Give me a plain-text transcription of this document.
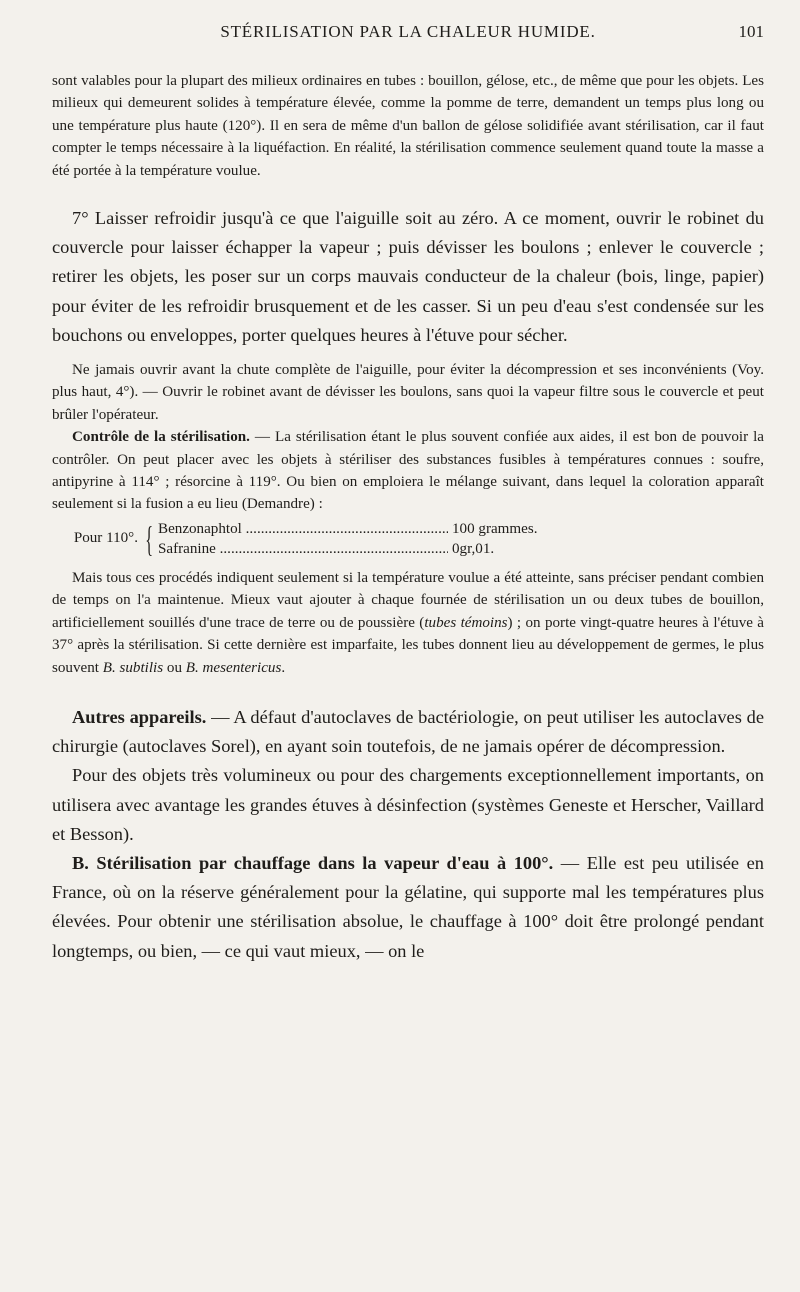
STÉRILISATION PAR LA CHALEUR HUMIDE.	101

sont valables pour la plupart des milieux ordinaires en tubes : bouillon, gélose, etc., de même que pour les objets. Les milieux qui demeurent solides à température élevée, comme la pomme de terre, demandent un temps plus long ou une température plus haute (120°). Il en sera de même d'un ballon de gélose solidifiée avant stérilisation, car il faut compter le temps nécessaire à la liquéfaction. En réalité, la stérilisation commence seulement quand toute la masse a été portée à la température voulue.

7° Laisser refroidir jusqu'à ce que l'aiguille soit au zéro. A ce moment, ouvrir le robinet du couvercle pour laisser échapper la vapeur ; puis dévisser les boulons ; enlever le couvercle ; retirer les objets, les poser sur un corps mauvais conducteur de la chaleur (bois, linge, papier) pour éviter de les refroidir brusquement et de les casser. Si un peu d'eau s'est condensée sur les bouchons ou enveloppes, porter quelques heures à l'étuve pour sécher.

Ne jamais ouvrir avant la chute complète de l'aiguille, pour éviter la décompression et ses inconvénients (Voy. plus haut, 4°). — Ouvrir le robinet avant de dévisser les boulons, sans quoi la vapeur filtre sous le couvercle et peut brûler l'opérateur.

Contrôle de la stérilisation. — La stérilisation étant le plus souvent confiée aux aides, il est bon de pouvoir la contrôler. On peut placer avec les objets à stériliser des substances fusibles à températures connues : soufre, antipyrine à 114° ; résorcine à 119°. Ou bien on emploiera le mélange suivant, dans lequel la coloration apparaît seulement si la fusion a eu lieu (Demandre) :

Pour 110°. { Benzonaphtol .....	100 grammes.
Safranine .....	0gr,01.

Mais tous ces procédés indiquent seulement si la température voulue a été atteinte, sans préciser pendant combien de temps on l'a maintenue. Mieux vaut ajouter à chaque fournée de stérilisation un ou deux tubes de bouillon, artificiellement souillés d'une trace de terre ou de poussière (tubes témoins) ; on porte vingt-quatre heures à l'étuve à 37° après la stérilisation. Si cette dernière est imparfaite, les tubes donnent lieu au développement de germes, le plus souvent B. subtilis ou B. mesentericus.

Autres appareils. — A défaut d'autoclaves de bactériologie, on peut utiliser les autoclaves de chirurgie (autoclaves Sorel), en ayant soin toutefois, de ne jamais opérer de décompression.

Pour des objets très volumineux ou pour des chargements exceptionnellement importants, on utilisera avec avantage les grandes étuves à désinfection (systèmes Geneste et Herscher, Vaillard et Besson).

B. Stérilisation par chauffage dans la vapeur d'eau à 100°. — Elle est peu utilisée en France, où on la réserve généralement pour la gélatine, qui supporte mal les températures plus élevées. Pour obtenir une stérilisation absolue, le chauffage à 100° doit être prolongé pendant longtemps, ou bien, — ce qui vaut mieux, — on le
